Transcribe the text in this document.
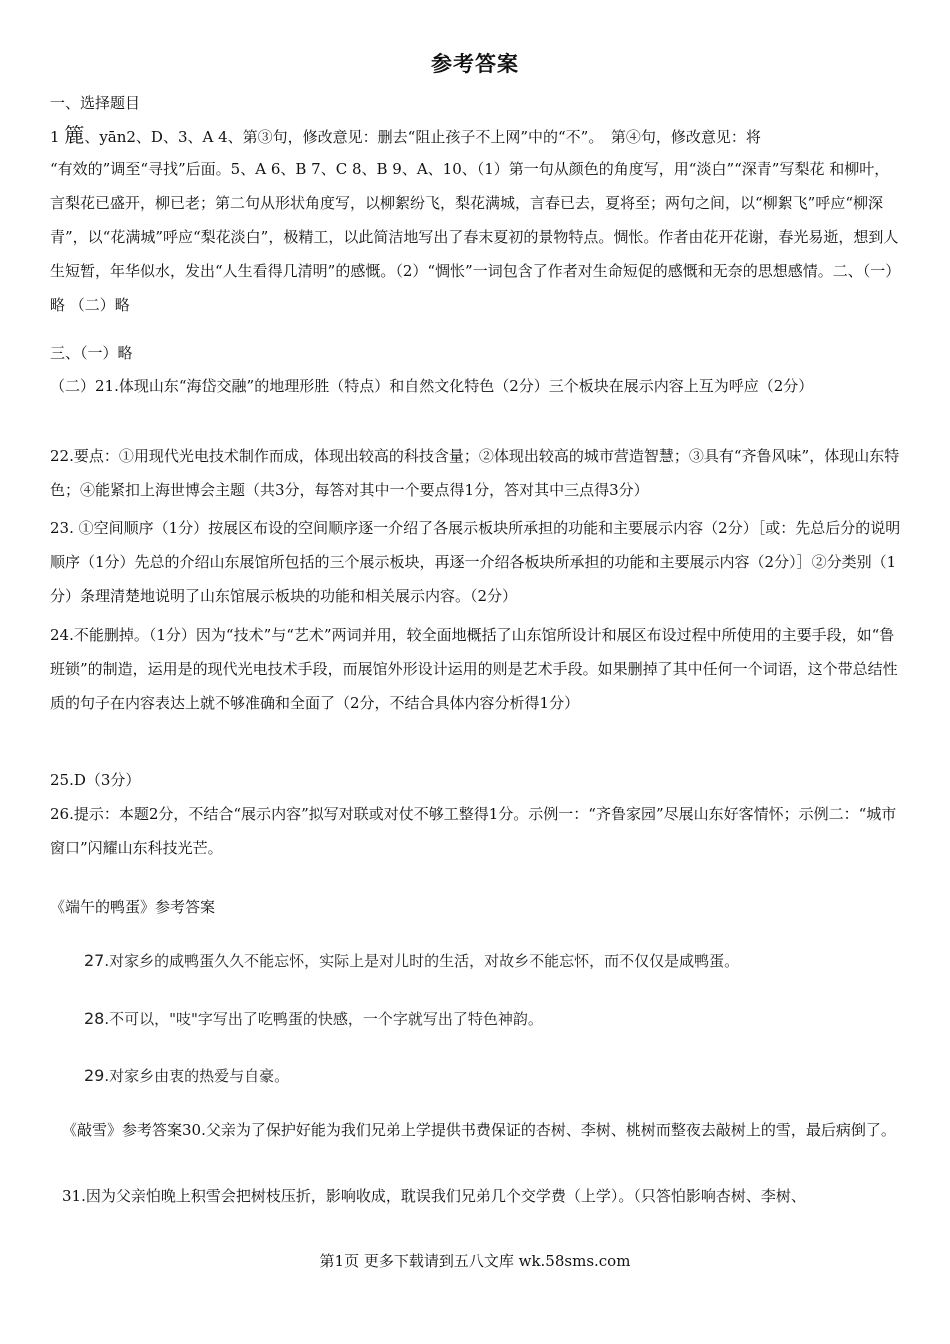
参考答案

一、选择题目

1 簏、yān2、D、3、A 4、第③句，修改意见：删去“阻止孩子不上网”中的“不”。　第④句，修改意见：将

“有效的”调至“寻找”后面。5、A 6、B 7、C 8、B 9、A、10、（1）第一句从颜色的角度写，用“淡白”“深青”写梨花 和柳叶，言梨花已盛开，柳已老；第二句从形状角度写，以柳絮纷飞，梨花满城，言春已去，夏将至；两句之间，以“柳絮飞”呼应“柳深青”，以“花满城”呼应“梨花淡白”，极精工，以此简洁地写出了春末夏初的景物特点。惆怅。作者由花开花谢，春光易逝，想到人生短暂，年华似水，发出“人生看得几清明”的感慨。（2）“惆怅”一词包含了作者对生命短促的感慨和无奈的思想感情。二、（一）略 （二）略

三、（一）略

（二）21.体现山东“海岱交融”的地理形胜（特点）和自然文化特色（2分）三个板块在展示内容上互为呼应（2分）

22.要点：①用现代光电技术制作而成，体现出较高的科技含量；②体现出较高的城市营造智慧；③具有“齐鲁风味”，体现山东特色；④能紧扣上海世博会主题（共3分，每答对其中一个要点得1分，答对其中三点得3分）

23. ①空间顺序（1分）按展区布设的空间顺序逐一介绍了各展示板块所承担的功能和主要展示内容（2分）［或：先总后分的说明顺序（1分）先总的介绍山东展馆所包括的三个展示板块，再逐一介绍各板块所承担的功能和主要展示内容（2分）］②分类别（1分）条理清楚地说明了山东馆展示板块的功能和相关展示内容。（2分）

24.不能删掉。（1分）因为“技术”与“艺术”两词并用，较全面地概括了山东馆所设计和展区布设过程中所使用的主要手段，如“鲁班锁”的制造，运用是的现代光电技术手段，而展馆外形设计运用的则是艺术手段。如果删掉了其中任何一个词语，这个带总结性质的句子在内容表达上就不够准确和全面了（2分，不结合具体内容分析得1分）

25.D（3分）

26.提示：本题2分，不结合“展示内容”拟写对联或对仗不够工整得1分。示例一：“齐鲁家园”尽展山东好客情怀；示例二：“城市窗口”闪耀山东科技光芒。

《端午的鸭蛋》参考答案

27.对家乡的咸鸭蛋久久不能忘怀，实际上是对儿时的生活，对故乡不能忘怀，而不仅仅是咸鸭蛋。

28.不可以，"吱"字写出了吃鸭蛋的快感，一个字就写出了特色神韵。

29.对家乡由衷的热爱与自豪。

《敲雪》参考答案30.父亲为了保护好能为我们兄弟上学提供书费保证的杏树、李树、桃树而整夜去敲树上的雪，最后病倒了。

31.因为父亲怕晚上积雪会把树枝压折，影响收成，耽误我们兄弟几个交学费（上学）。（只答怕影响杏树、李树、

第1页 更多下载请到五八文库 wk.58sms.com
